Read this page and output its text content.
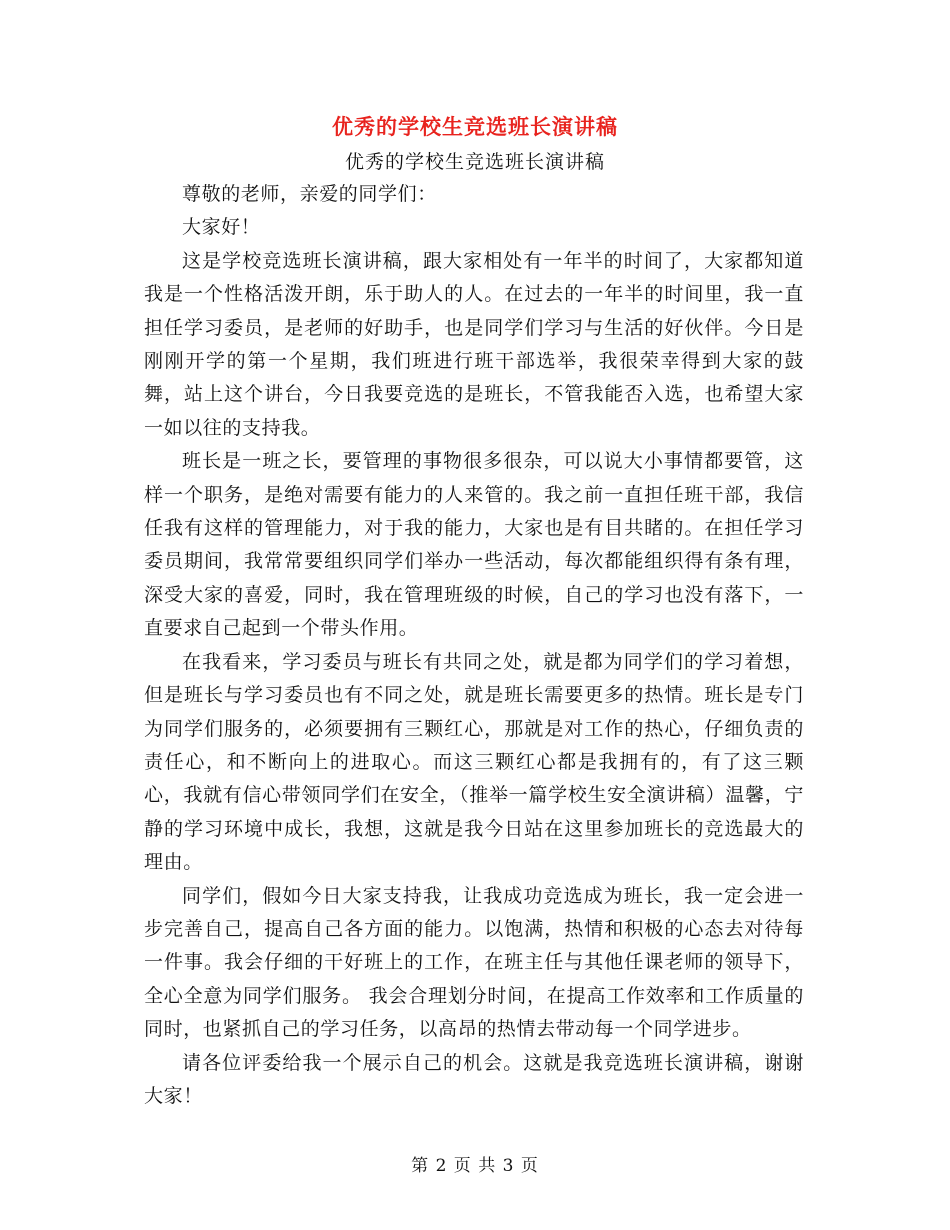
优秀的学校生竞选班长演讲稿
优秀的学校生竞选班长演讲稿

尊敬的老师，亲爱的同学们：

大家好！

这是学校竞选班长演讲稿，跟大家相处有一年半的时间了，大家都知道我是一个性格活泼开朗，乐于助人的人。在过去的一年半的时间里，我一直担任学习委员，是老师的好助手，也是同学们学习与生活的好伙伴。今日是刚刚开学的第一个星期，我们班进行班干部选举，我很荣幸得到大家的鼓舞，站上这个讲台，今日我要竞选的是班长，不管我能否入选，也希望大家一如以往的支持我。

班长是一班之长，要管理的事物很多很杂，可以说大小事情都要管，这样一个职务，是绝对需要有能力的人来管的。我之前一直担任班干部，我信任我有这样的管理能力，对于我的能力，大家也是有目共睹的。在担任学习委员期间，我常常要组织同学们举办一些活动，每次都能组织得有条有理，深受大家的喜爱，同时，我在管理班级的时候，自己的学习也没有落下，一直要求自己起到一个带头作用。

在我看来，学习委员与班长有共同之处，就是都为同学们的学习着想，但是班长与学习委员也有不同之处，就是班长需要更多的热情。班长是专门为同学们服务的，必须要拥有三颗红心，那就是对工作的热心，仔细负责的责任心，和不断向上的进取心。而这三颗红心都是我拥有的，有了这三颗心，我就有信心带领同学们在安全，（推举一篇学校生安全演讲稿）温馨，宁静的学习环境中成长，我想，这就是我今日站在这里参加班长的竞选最大的理由。

同学们，假如今日大家支持我，让我成功竞选成为班长，我一定会进一步完善自己，提高自己各方面的能力。以饱满，热情和积极的心态去对待每一件事。我会仔细的干好班上的工作，在班主任与其他任课老师的领导下，全心全意为同学们服务。 我会合理划分时间，在提高工作效率和工作质量的同时，也紧抓自己的学习任务，以高昂的热情去带动每一个同学进步。

请各位评委给我一个展示自己的机会。这就是我竞选班长演讲稿，谢谢大家！

第 2 页 共 3 页
